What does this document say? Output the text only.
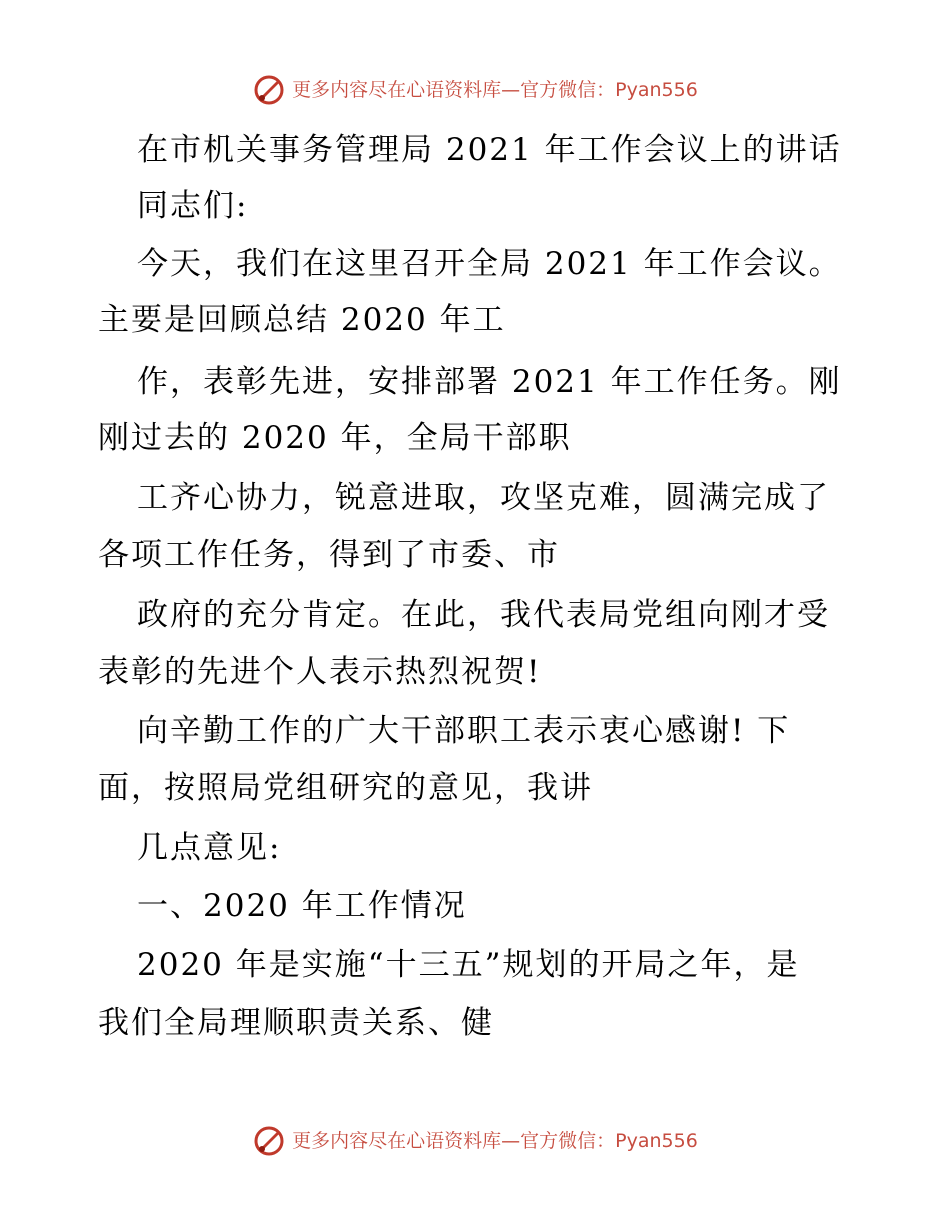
更多内容尽在心语资料库—官方微信：Pyan556
在市机关事务管理局 2021 年工作会议上的讲话
同志们:
今天，我们在这里召开全局 2021 年工作会议。
主要是回顾总结 2020 年工
作，表彰先进，安排部署 2021 年工作任务。刚
刚过去的 2020 年，全局干部职
工齐心协力，锐意进取，攻坚克难，圆满完成了
各项工作任务，得到了市委、市
政府的充分肯定。在此，我代表局党组向刚才受
表彰的先进个人表示热烈祝贺!
向辛勤工作的广大干部职工表示衷心感谢! 下
面，按照局党组研究的意见，我讲
几点意见:
一、2020 年工作情况
2020 年是实施“十三五”规划的开局之年，是
我们全局理顺职责关系、健
更多内容尽在心语资料库—官方微信：Pyan556
